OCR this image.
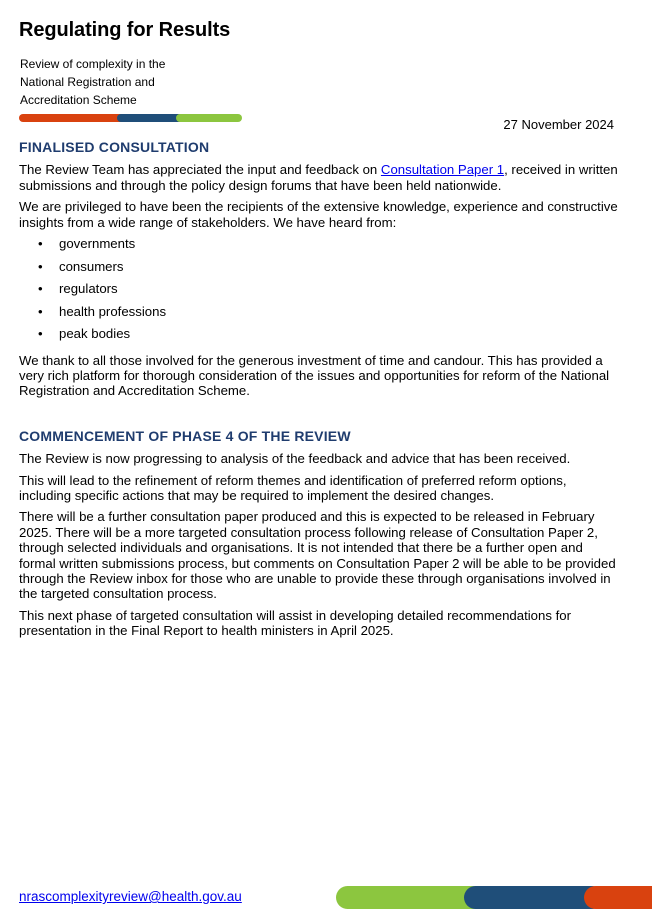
Regulating for Results
Review of complexity in the
National Registration and
Accreditation Scheme
27 November 2024
FINALISED CONSULTATION

The Review Team has appreciated the input and feedback on Consultation Paper 1, received in written submissions and through the policy design forums that have been held nationwide.

We are privileged to have been the recipients of the extensive knowledge, experience and constructive insights from a wide range of stakeholders. We have heard from:

• governments
• consumers
• regulators
• health professions
• peak bodies

We thank to all those involved for the generous investment of time and candour. This has provided a very rich platform for thorough consideration of the issues and opportunities for reform of the National Registration and Accreditation Scheme.

COMMENCEMENT OF PHASE 4 OF THE REVIEW

The Review is now progressing to analysis of the feedback and advice that has been received.

This will lead to the refinement of reform themes and identification of preferred reform options, including specific actions that may be required to implement the desired changes.

There will be a further consultation paper produced and this is expected to be released in February 2025. There will be a more targeted consultation process following release of Consultation Paper 2, through selected individuals and organisations. It is not intended that there be a further open and formal written submissions process, but comments on Consultation Paper 2 will be able to be provided through the Review inbox for those who are unable to provide these through organisations involved in the targeted consultation process.

This next phase of targeted consultation will assist in developing detailed recommendations for presentation in the Final Report to health ministers in April 2025.

nrascomplexityreview@health.gov.au
